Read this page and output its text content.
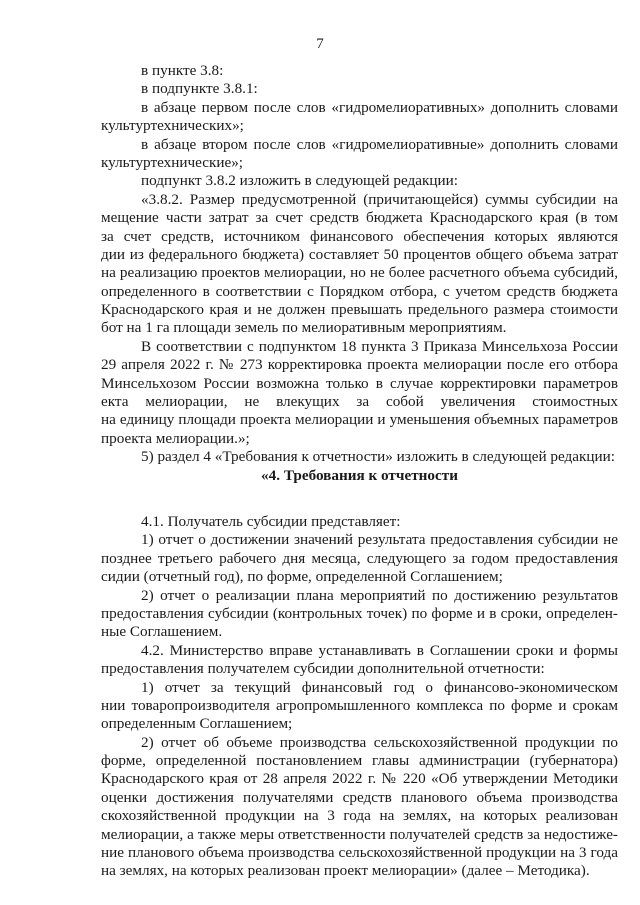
7
в пункте 3.8:
в подпункте 3.8.1:
в абзаце первом после слов «гидромелиоративных» дополнить словами
культуртехнических»;
в абзаце втором после слов «гидромелиоративные» дополнить словами
культуртехнические»;
подпункт 3.8.2 изложить в следующей редакции:
«3.8.2. Размер предусмотренной (причитающейся) суммы субсидии на
мещение части затрат за счет средств бюджета Краснодарского края (в том
за счет средств, источником финансового обеспечения которых являются
дии из федерального бюджета) составляет 50 процентов общего объема затрат
на реализацию проектов мелиорации, но не более расчетного объема субсидий,
определенного в соответствии с Порядком отбора, с учетом средств бюджета
Краснодарского края и не должен превышать предельного размера стоимости
бот на 1 га площади земель по мелиоративным мероприятиям.
В соответствии с подпунктом 18 пункта 3 Приказа Минсельхоза России
29 апреля 2022 г. № 273 корректировка проекта мелиорации после его отбора
Минсельхозом России возможна только в случае корректировки параметров
екта мелиорации, не влекущих за собой увеличения стоимостных
на единицу площади проекта мелиорации и уменьшения объемных параметров
проекта мелиорации.»;
5) раздел 4 «Требования к отчетности» изложить в следующей редакции:
«4. Требования к отчетности
4.1. Получатель субсидии представляет:
1) отчет о достижении значений результата предоставления субсидии не
позднее третьего рабочего дня месяца, следующего за годом предоставления
сидии (отчетный год), по форме, определенной Соглашением;
2) отчет о реализации плана мероприятий по достижению результатов
предоставления субсидии (контрольных точек) по форме и в сроки, определен-
ные Соглашением.
4.2. Министерство вправе устанавливать в Соглашении сроки и формы
предоставления получателем субсидии дополнительной отчетности:
1) отчет за текущий финансовый год о финансово-экономическом
нии товаропроизводителя агропромышленного комплекса по форме и срокам
определенным Соглашением;
2) отчет об объеме производства сельскохозяйственной продукции по
форме, определенной постановлением главы администрации (губернатора)
Краснодарского края от 28 апреля 2022 г. № 220 «Об утверждении Методики
оценки достижения получателями средств планового объема производства
скохозяйственной продукции на 3 года на землях, на которых реализован
мелиорации, а также меры ответственности получателей средств за недостиже-
ние планового объема производства сельскохозяйственной продукции на 3 года
на землях, на которых реализован проект мелиорации» (далее – Методика).
